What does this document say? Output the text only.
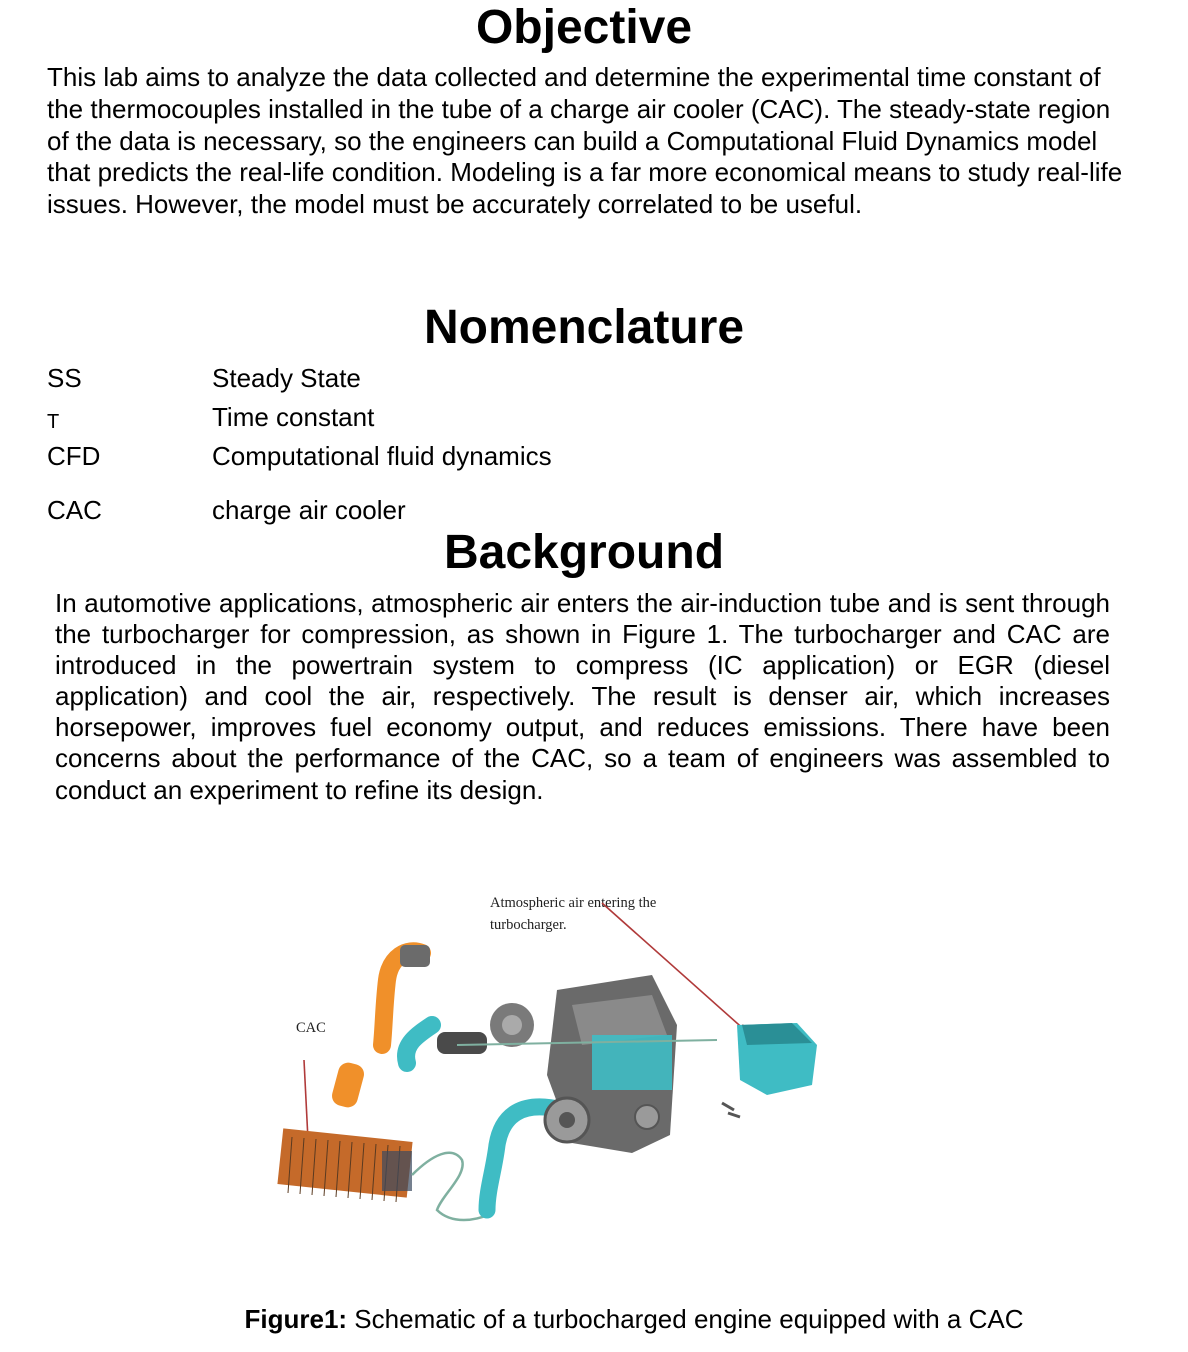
Objective

This lab aims to analyze the data collected and determine the experimental time constant of the thermocouples installed in the tube of a charge air cooler (CAC). The steady-state region of the data is necessary, so the engineers can build a Computational Fluid Dynamics model that predicts the real-life condition. Modeling is a far more economical means to study real-life issues. However, the model must be accurately correlated to be useful.

Nomenclature
SS	Steady State
T	Time constant
CFD	Computational fluid dynamics
CAC	charge air cooler
Background

In automotive applications, atmospheric air enters the air-induction tube and is sent through the turbocharger for compression, as shown in Figure 1. The turbocharger and CAC are introduced in the powertrain system to compress (IC application) or EGR (diesel application) and cool the air, respectively. The result is denser air, which increases horsepower, improves fuel economy output, and reduces emissions. There have been concerns about the performance of the CAC, so a team of engineers was assembled to conduct an experiment to refine its design.

Atmospheric air entering the
turbocharger.
CAC
Figure1: Schematic of a turbocharged engine equipped with a CAC
